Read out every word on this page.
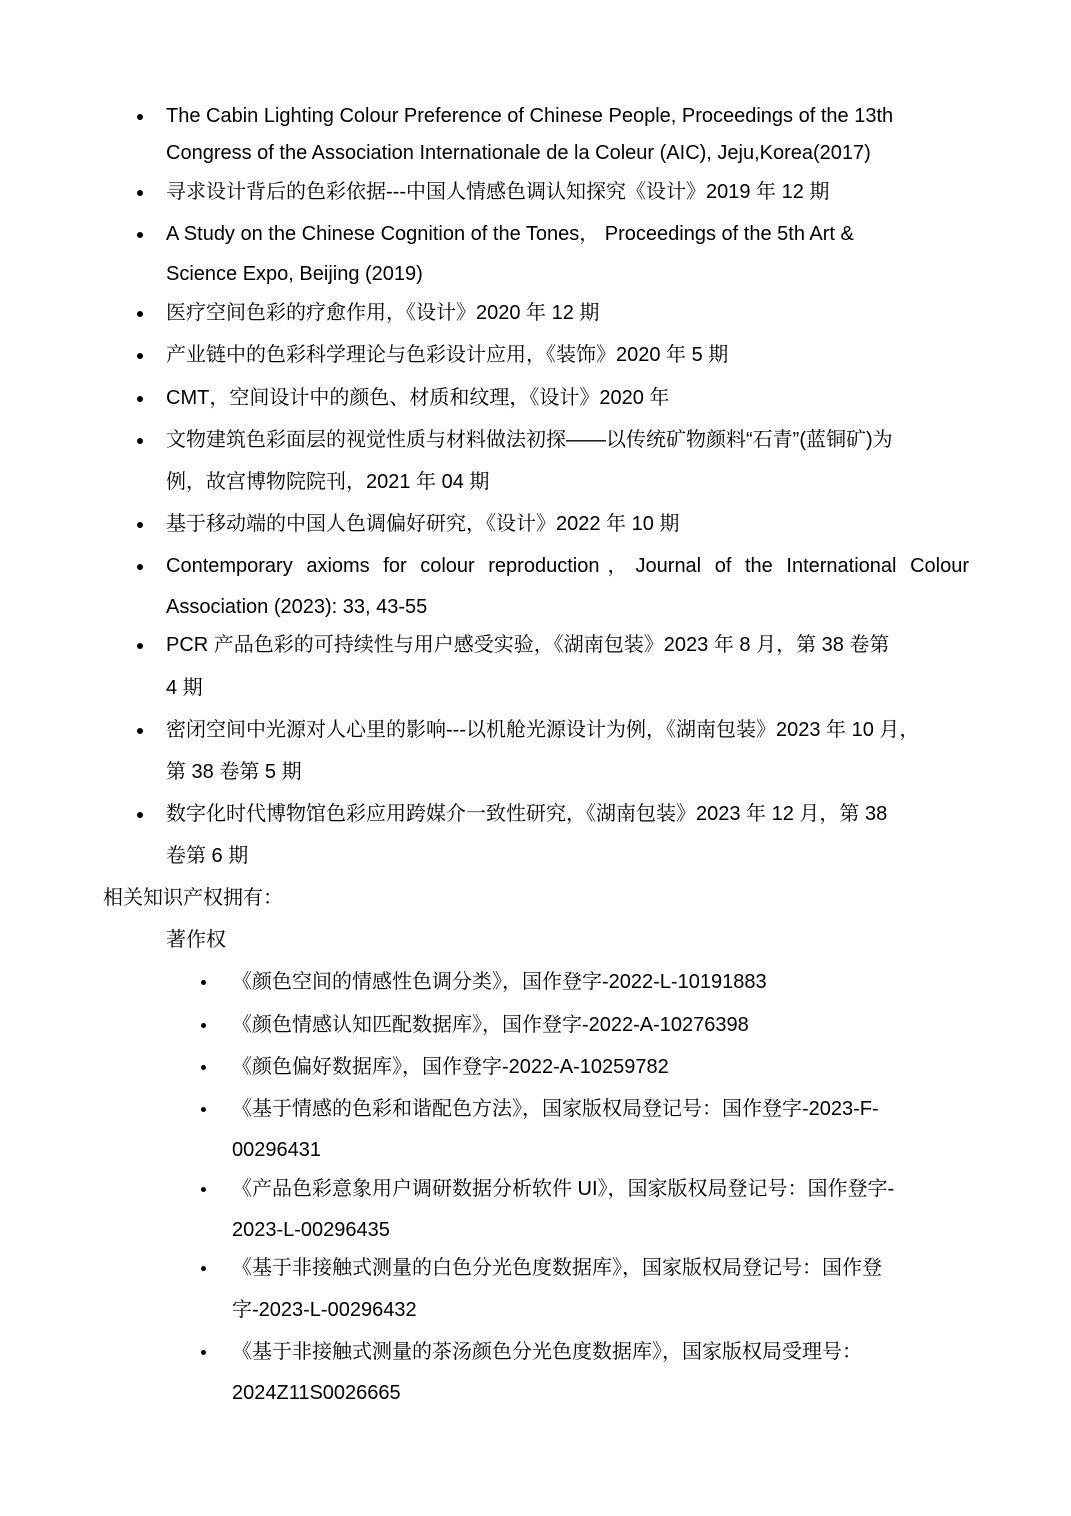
The Cabin Lighting Colour Preference of Chinese People, Proceedings of the 13th
Congress of the Association Internationale de la Coleur (AIC), Jeju,Korea(2017)
寻求设计背后的色彩依据---中国人情感色调认知探究《设计》2019 年 12 期
A Study on the Chinese Cognition of the Tones， Proceedings of the 5th Art &
Science Expo, Beijing (2019)
医疗空间色彩的疗愈作用，《设计》2020 年 12 期
产业链中的色彩科学理论与色彩设计应用，《装饰》2020 年 5 期
CMT，空间设计中的颜色、材质和纹理，《设计》2020 年
文物建筑色彩面层的视觉性质与材料做法初探——以传统矿物颜料“石青”(蓝铜矿)为
例，故宫博物院院刊，2021 年 04 期
基于移动端的中国人色调偏好研究，《设计》2022 年 10 期
Contemporary axioms for colour reproduction，Journal of the International Colour
Association (2023): 33, 43-55
PCR 产品色彩的可持续性与用户感受实验，《湖南包装》2023 年 8 月，第 38 卷第
4 期
密闭空间中光源对人心里的影响---以机舱光源设计为例，《湖南包装》2023 年 10 月，
第 38 卷第 5 期
数字化时代博物馆色彩应用跨媒介一致性研究，《湖南包装》2023 年 12 月，第 38
卷第 6 期
相关知识产权拥有：
著作权
《颜色空间的情感性色调分类》，国作登字-2022-L-10191883
《颜色情感认知匹配数据库》，国作登字-2022-A-10276398
《颜色偏好数据库》，国作登字-2022-A-10259782
《基于情感的色彩和谐配色方法》，国家版权局登记号：国作登字-2023-F-
00296431
《产品色彩意象用户调研数据分析软件 UI》，国家版权局登记号：国作登字-
2023-L-00296435
《基于非接触式测量的白色分光色度数据库》，国家版权局登记号：国作登
字-2023-L-00296432
《基于非接触式测量的茶汤颜色分光色度数据库》，国家版权局受理号：
2024Z11S0026665
